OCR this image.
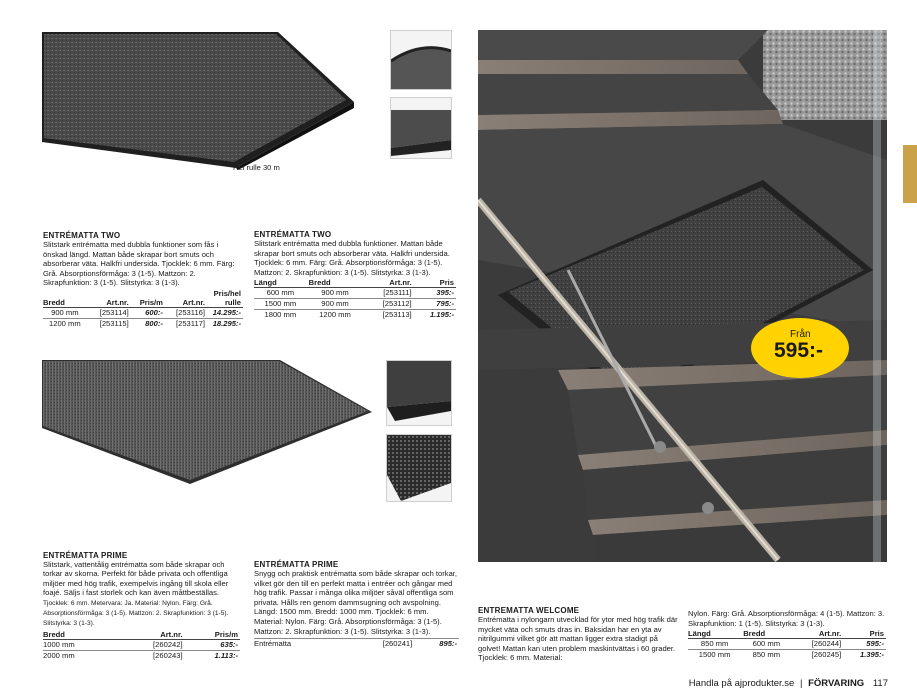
Hel rulle 30 m
ENTRÉMATTA TWO
Slitstark entrématta med dubbla funktioner som fås i önskad längd. Mattan både skrapar bort smuts och absorberar väta. Halkfri undersida. Tjocklek: 6 mm. Färg: Grå. Absorptionsförmåga: 3 (1-5). Mattzon: 2. Skrapfunktion: 3 (1-5). Slitstyrka: 3 (1-3).
Bredd	Art.nr.	Pris/m	Art.nr.	Pris/hel rulle
900 mm	[253114]	600:-	[253116]	14.295:-
1200 mm	[253115]	800:-	[253117]	18.295:-
ENTRÉMATTA TWO
Slitstark entrématta med dubbla funktioner. Mattan både skrapar bort smuts och absorberar väta. Halkfri undersida. Tjocklek: 6 mm. Färg: Grå. Absorptionsförmåga: 3 (1-5). Mattzon: 2. Skrapfunktion: 3 (1-5). Slitstyrka: 3 (1-3).
Längd	Bredd	Art.nr.	Pris
600 mm	900 mm	[253111]	395:-
1500 mm	900 mm	[253112]	795:-
1800 mm	1200 mm	[253113]	1.195:-
ENTRÉMATTA PRIME
Slitstark, vattentålig entrématta som både skrapar och torkar av skorna. Perfekt för både privata och offentliga miljöer med hög trafik, exempelvis ingång till skola eller foajé. Säljs i fast storlek och kan även måttbeställas. Tjocklek: 6 mm. Metervara: Ja. Material: Nylon. Färg: Grå. Absorptionsförmåga: 3 (1-5). Mattzon: 2. Skrapfunktion: 3 (1-5). Slitstyrka: 3 (1-3).
Bredd	Art.nr.	Pris/m
1000 mm	[260242]	635:-
2000 mm	[260243]	1.113:-
ENTRÉMATTA PRIME
Snygg och praktisk entrématta som både skrapar och torkar, vilket gör den till en perfekt matta i entréer och gångar med hög trafik. Passar i många olika miljöer såväl offentliga som privata. Hålls ren genom dammsugning och avspolning. Längd: 1500 mm. Bredd: 1000 mm. Tjocklek: 6 mm. Material: Nylon. Färg: Grå. Absorptionsförmåga: 3 (1-5). Mattzon: 2. Skrapfunktion: 3 (1-5). Slitstyrka: 3 (1-3).
Entrématta	[260241]	895:-
Från
595:-
ENTREMATTA WELCOME
Entrématta i nylongarn utvecklad för ytor med hög trafik där mycket väta och smuts dras in. Baksidan har en yta av nitrilgummi vilket gör att mattan ligger extra stadigt på golvet! Mattan kan uten problem maskintvättas i 60 grader. Tjocklek: 6 mm. Material:
Nylon. Färg: Grå. Absorptionsförmåga: 4 (1-5). Mattzon: 3. Skrapfunktion: 1 (1-5). Slitstyrka: 3 (1-3).
Längd	Bredd	Art.nr.	Pris
850 mm	600 mm	[260244]	595:-
1500 mm	850 mm	[260245]	1.395:-
Handla på ajprodukter.se | FÖRVARING 117
